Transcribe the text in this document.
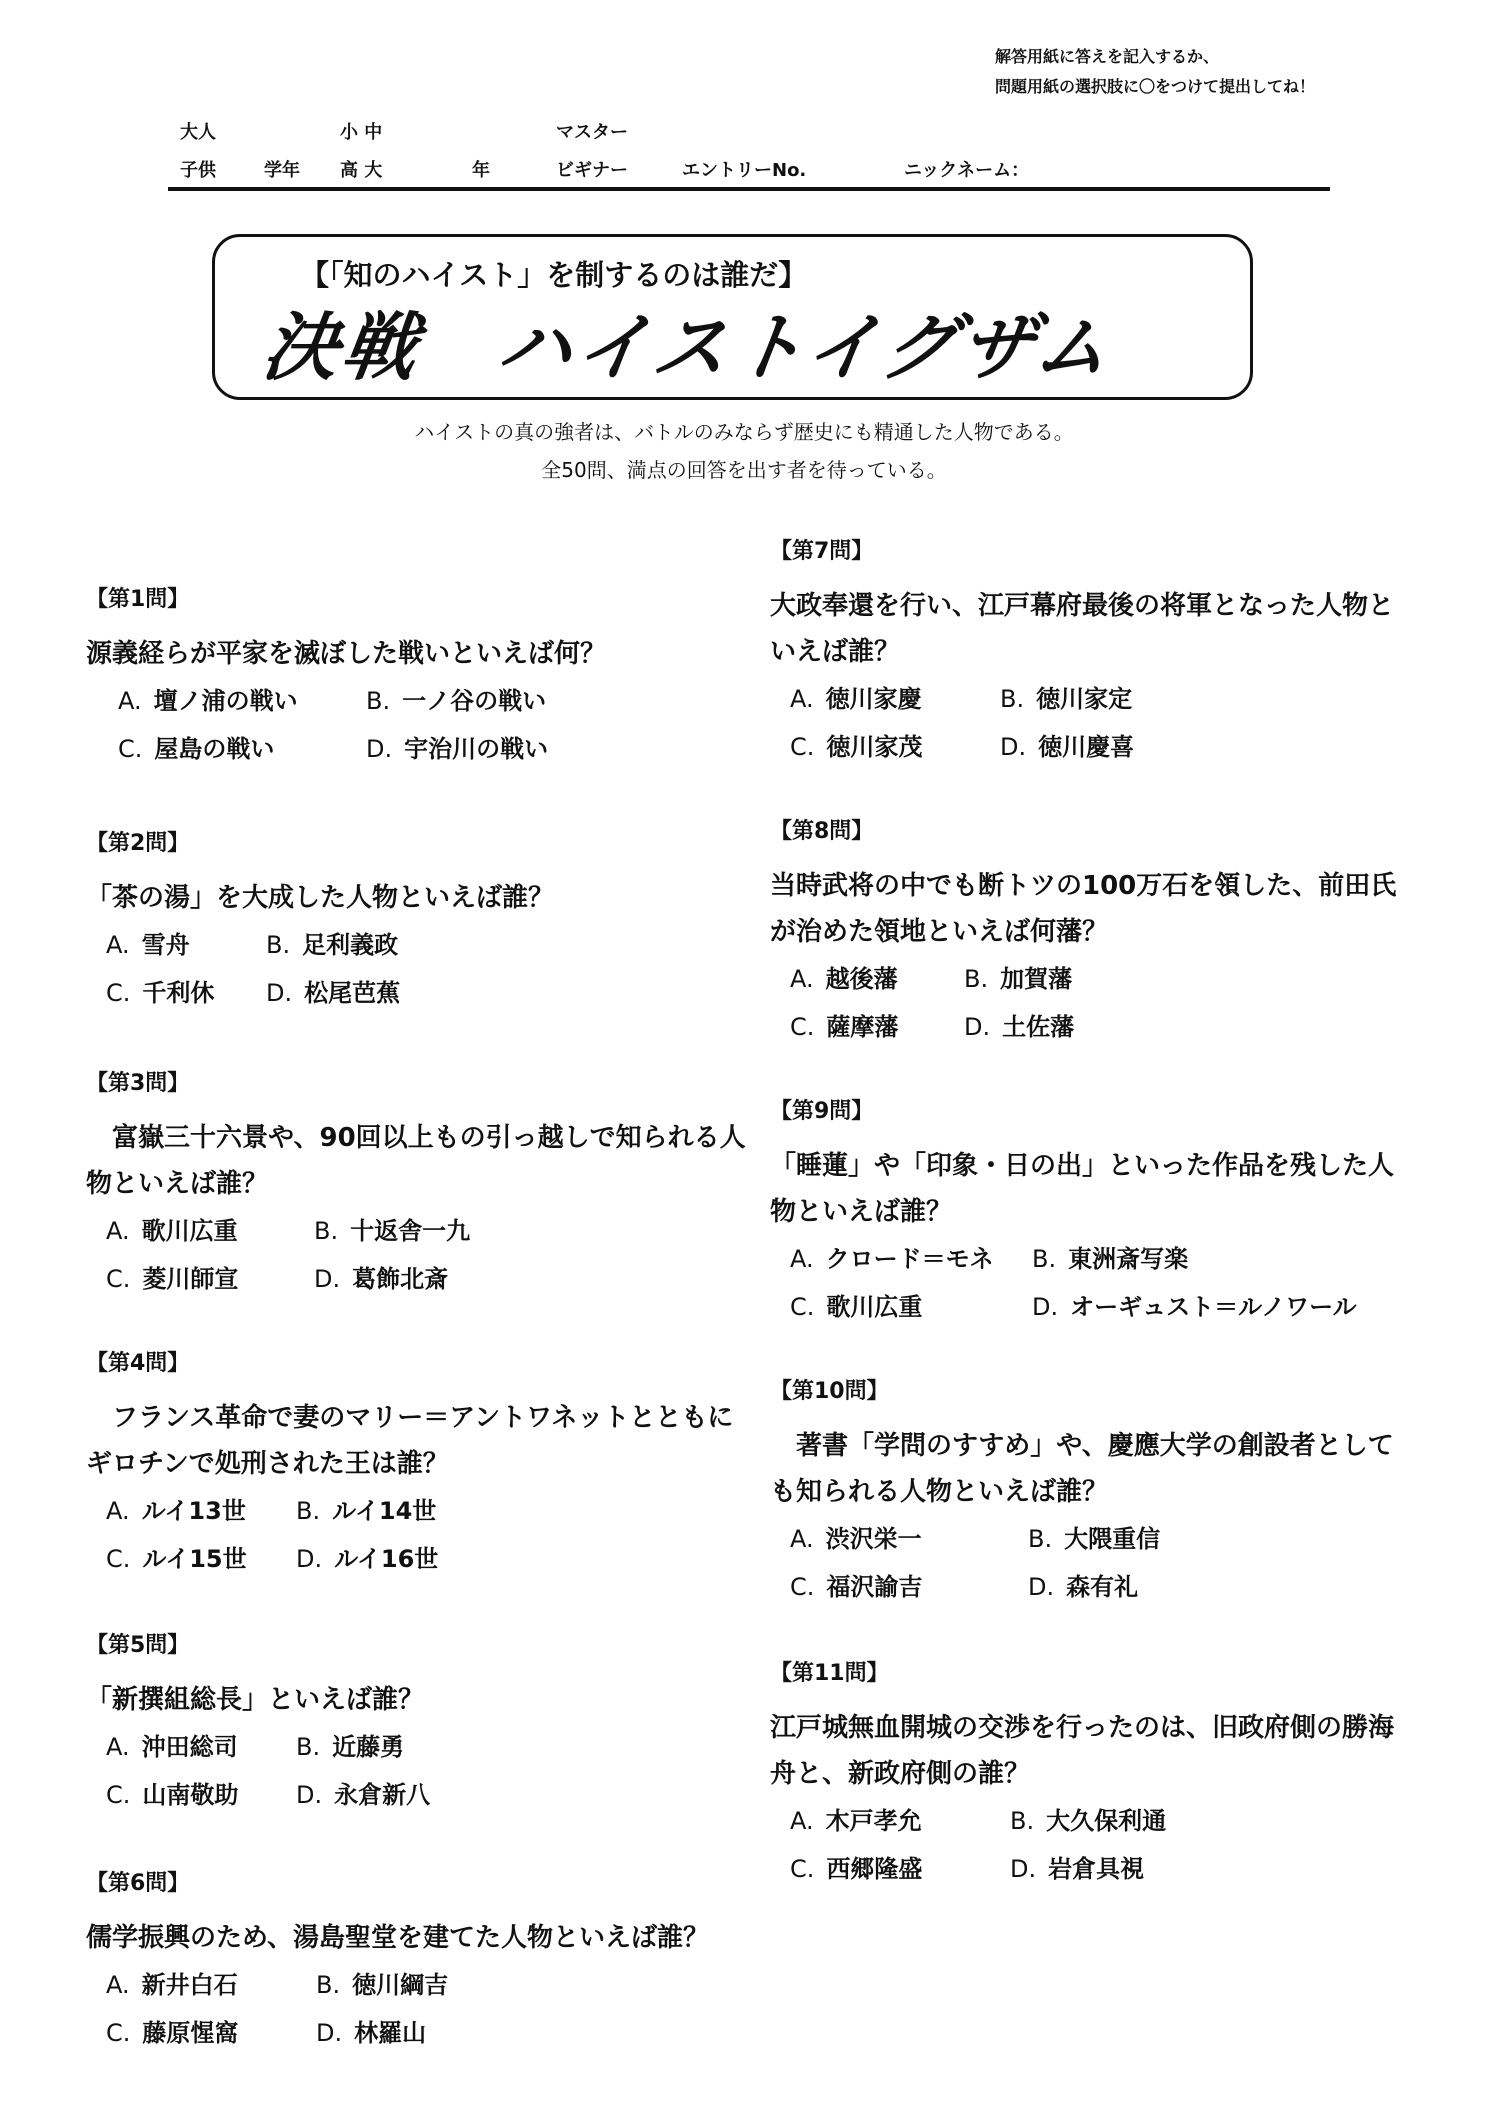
解答用紙に答えを記入するか、
問題用紙の選択肢に〇をつけて提出してね！
大人
子供	学年
小 中
高 大	年
マスター
ビギナー	エントリーNo.	ニックネーム：
【「知のハイスト」を制するのは誰だ】
決戦　ハイストイグザム
ハイストの真の強者は、バトルのみならず歴史にも精通した人物である。
全50問、満点の回答を出す者を待っている。
【第1問】
源義経らが平家を滅ぼした戦いといえば何？
A. 壇ノ浦の戦い	B. 一ノ谷の戦い
C. 屋島の戦い	D. 宇治川の戦い
【第2問】
「茶の湯」を大成した人物といえば誰？
A. 雪舟	B. 足利義政
C. 千利休 D. 松尾芭蕉
【第3問】
　富嶽三十六景や、90回以上もの引っ越しで知られる人物といえば誰？
A. 歌川広重	B. 十返舎一九
C. 菱川師宣	D. 葛飾北斎
【第4問】
　フランス革命で妻のマリー＝アントワネットとともにギロチンで処刑された王は誰？
A. ルイ13世 B. ルイ14世
C. ルイ15世 D. ルイ16世
【第5問】
「新撰組総長」といえば誰？
A. 沖田総司 B. 近藤勇
C. 山南敬助 D. 永倉新八
【第6問】
儒学振興のため、湯島聖堂を建てた人物といえば誰？
A. 新井白石	B. 徳川綱吉
C. 藤原惺窩	D. 林羅山
【第7問】
大政奉還を行い、江戸幕府最後の将軍となった人物といえば誰？
A. 徳川家慶	B. 徳川家定
C. 徳川家茂	D. 徳川慶喜
【第8問】
当時武将の中でも断トツの100万石を領した、前田氏が治めた領地といえば何藩？
A. 越後藩	B. 加賀藩
C. 薩摩藩	D. 土佐藩
【第9問】
「睡蓮」や「印象・日の出」といった作品を残した人物といえば誰？
A. クロード＝モネ B. 東洲斎写楽
C. 歌川広重	D. オーギュスト＝ルノワール
【第10問】
　著書「学問のすすめ」や、慶應大学の創設者としても知られる人物といえば誰？
A. 渋沢栄一	B. 大隈重信
C. 福沢諭吉	D. 森有礼
【第11問】
江戸城無血開城の交渉を行ったのは、旧政府側の勝海舟と、新政府側の誰？
A. 木戸孝允	B. 大久保利通
C. 西郷隆盛	D. 岩倉具視
